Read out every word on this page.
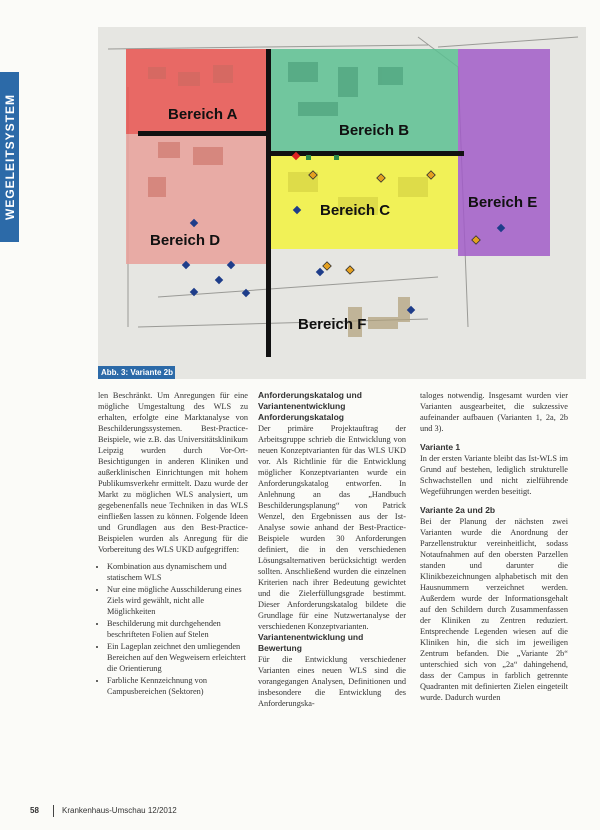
WEGELEITSYSTEM	Bereich A
Bereich B
Bereich C
Bereich D
Bereich E
Bereich F
Abb. 3: Variante 2b

len Beschränkt. Um Anregungen für eine mögliche Umgestaltung des WLS zu erhalten, erfolgte eine Marktanalyse von Beschilderungssystemen. Best-Practice-Beispiele, wie z.B. das Universitätsklinikum Leipzig wurden durch Vor-Ort-Besichtigungen in anderen Kliniken und außerklinischen Einrichtungen mit hohem Publikumsverkehr ermittelt. Dazu wurde der Markt zu möglichen WLS analysiert, um gegebenenfalls neue Techniken in das WLS einfließen lassen zu können. Folgende Ideen und Grundlagen aus den Best-Practice-Beispielen wurden als Anregung für die Vorbereitung des WLS UKD aufgegriffen:

• Kombination aus dynamischem und statischem WLS
• Nur eine mögliche Ausschilderung eines Ziels wird gewählt, nicht alle Möglichkeiten
• Beschilderung mit durchgehenden beschrifteten Folien auf Stelen
• Ein Lageplan zeichnet den umliegenden Bereichen auf den Wegweisern erleichtert die Orientierung
• Farbliche Kennzeichnung von Campusbereichen (Sektoren)
Anforderungskatalog und Variantenentwicklung
Anforderungskatalog

Der primäre Projektauftrag der Arbeitsgruppe schrieb die Entwicklung von neuen Konzeptvarianten für das WLS UKD vor. Als Richtlinie für die Entwicklung möglicher Konzeptvarianten wurde ein Anforderungskatalog entworfen. In Anlehnung an das „Handbuch Beschilderungsplanung“ von Patrick Wenzel, den Ergebnissen aus der Ist-Analyse sowie anhand der Best-Practice-Beispiele wurden 30 Anforderungen definiert, die in den verschiedenen Lösungsalternativen berücksichtigt werden sollten. Anschließend wurden die einzelnen Kriterien nach ihrer Bedeutung gewichtet und die Zielerfüllungsgrade bestimmt. Dieser Anforderungskatalog bildete die Grundlage für eine Nutzwertanalyse der verschiedenen Konzeptvarianten.

Variantenentwicklung und Bewertung

Für die Entwicklung verschiedener Varianten eines neuen WLS sind die vorangegangen Analysen, Definitionen und insbesondere die Entwicklung des Anforderungska-

taloges notwendig. Insgesamt wurden vier Varianten ausgearbeitet, die sukzessive aufeinander aufbauen (Varianten 1, 2a, 2b und 3).

Variante 1

In der ersten Variante bleibt das Ist-WLS im Grund auf bestehen, lediglich strukturelle Schwachstellen und nicht zielführende Wegeführungen werden beseitigt.

Variante 2a und 2b

Bei der Planung der nächsten zwei Varianten wurde die Anordnung der Parzellenstruktur vereinheitlicht, sodass Notaufnahmen auf den obersten Parzellen standen und darunter die Klinikbezeichnungen alphabetisch mit den Hausnummern verzeichnet werden. Außerdem wurde der Informationsgehalt auf den Schildern durch Zusammenfassen der Kliniken zu Zentren reduziert. Entsprechende Legenden wiesen auf die Kliniken hin, die sich im jeweiligen Zentrum befanden. Die „Variante 2b“ unterschied sich von „2a“ dahingehend, dass der Campus in farblich getrennte Quadranten mit definierten Zielen eingeteilt wurde. Dadurch wurden

58	Krankenhaus-Umschau 12/2012
